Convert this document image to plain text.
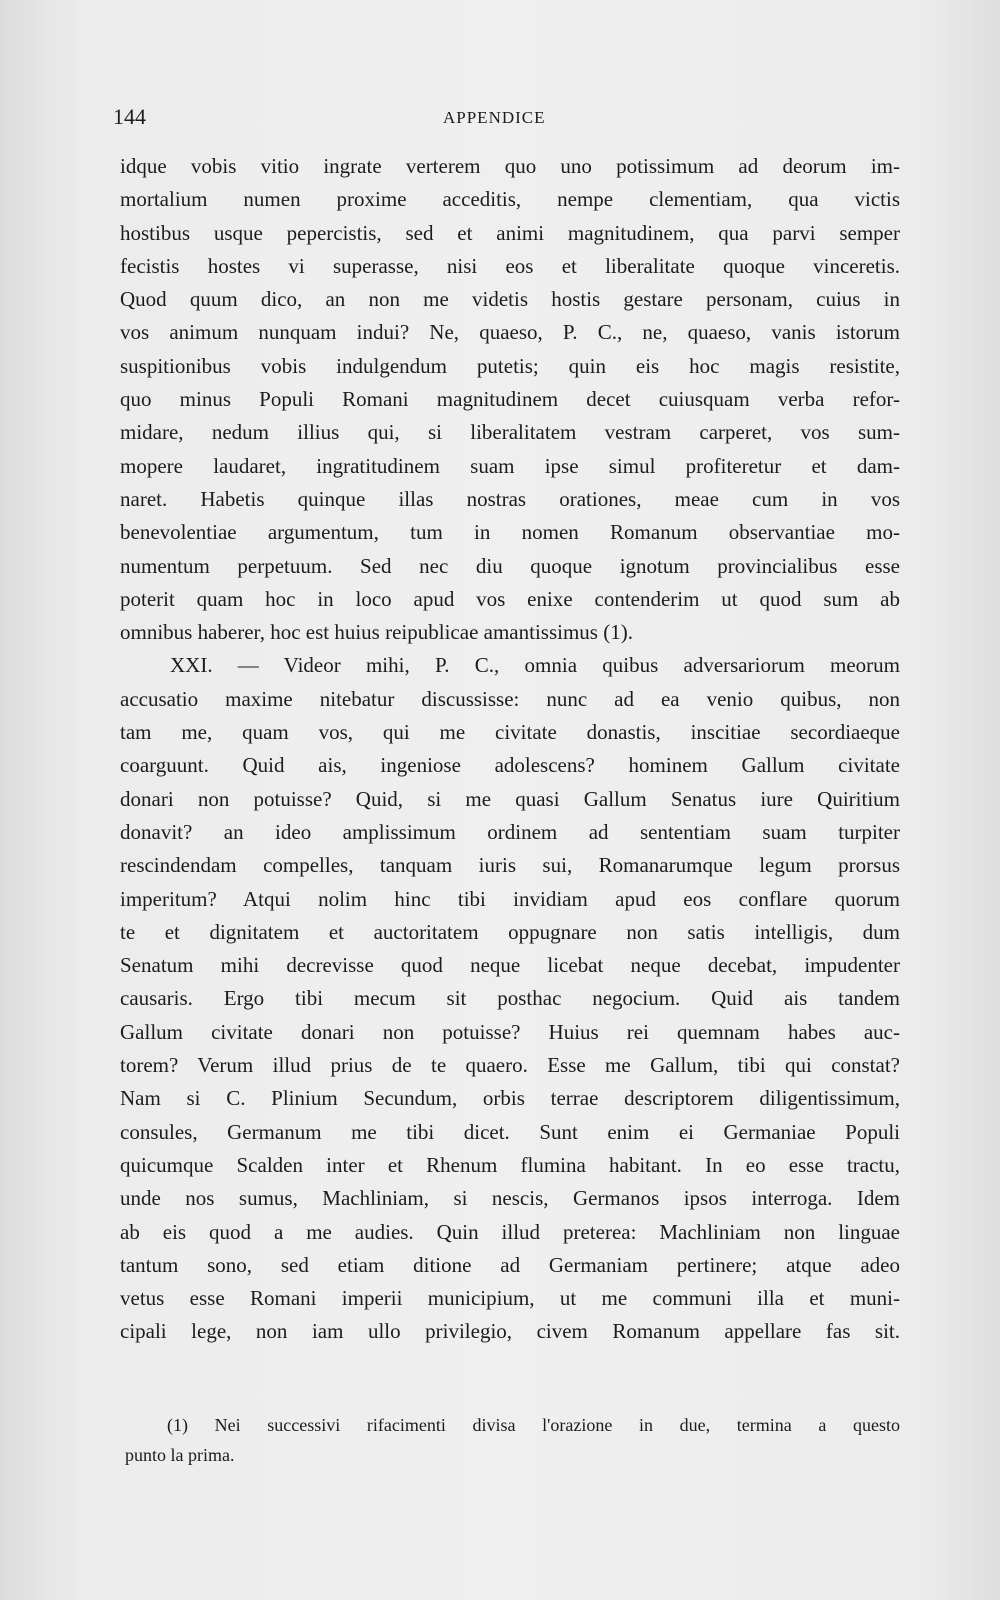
144	APPENDICE
idque vobis vitio ingrate verterem quo uno potissimum ad deorum im-
mortalium numen proxime acceditis, nempe clementiam, qua victis
hostibus usque pepercistis, sed et animi magnitudinem, qua parvi semper
fecistis hostes vi superasse, nisi eos et liberalitate quoque vinceretis.
Quod quum dico, an non me videtis hostis gestare personam, cuius in
vos animum nunquam indui? Ne, quaeso, P. C., ne, quaeso, vanis istorum
suspitionibus vobis indulgendum putetis; quin eis hoc magis resistite,
quo minus Populi Romani magnitudinem decet cuiusquam verba refor-
midare, nedum illius qui, si liberalitatem vestram carperet, vos sum-
mopere laudaret, ingratitudinem suam ipse simul profiteretur et dam-
naret. Habetis quinque illas nostras orationes, meae cum in vos
benevolentiae argumentum, tum in nomen Romanum observantiae mo-
numentum perpetuum. Sed nec diu quoque ignotum provincialibus esse
poterit quam hoc in loco apud vos enixe contenderim ut quod sum ab
omnibus haberer, hoc est huius reipublicae amantissimus (1).
XXI. — Videor mihi, P. C., omnia quibus adversariorum meorum
accusatio maxime nitebatur discussisse: nunc ad ea venio quibus, non
tam me, quam vos, qui me civitate donastis, inscitiae secordiaeque
coarguunt. Quid ais, ingeniose adolescens? hominem Gallum civitate
donari non potuisse? Quid, si me quasi Gallum Senatus iure Quiritium
donavit? an ideo amplissimum ordinem ad sententiam suam turpiter
rescindendam compelles, tanquam iuris sui, Romanarumque legum prorsus
imperitum? Atqui nolim hinc tibi invidiam apud eos conflare quorum
te et dignitatem et auctoritatem oppugnare non satis intelligis, dum
Senatum mihi decrevisse quod neque licebat neque decebat, impudenter
causaris. Ergo tibi mecum sit posthac negocium. Quid ais tandem
Gallum civitate donari non potuisse? Huius rei quemnam habes auc-
torem? Verum illud prius de te quaero. Esse me Gallum, tibi qui constat?
Nam si C. Plinium Secundum, orbis terrae descriptorem diligentissimum,
consules, Germanum me tibi dicet. Sunt enim ei Germaniae Populi
quicumque Scalden inter et Rhenum flumina habitant. In eo esse tractu,
unde nos sumus, Machliniam, si nescis, Germanos ipsos interroga. Idem
ab eis quod a me audies. Quin illud preterea: Machliniam non linguae
tantum sono, sed etiam ditione ad Germaniam pertinere; atque adeo
vetus esse Romani imperii municipium, ut me communi illa et muni-
cipali lege, non iam ullo privilegio, civem Romanum appellare fas sit.
(1) Nei successivi rifacimenti divisa l'orazione in due, termina a questo
punto la prima.
